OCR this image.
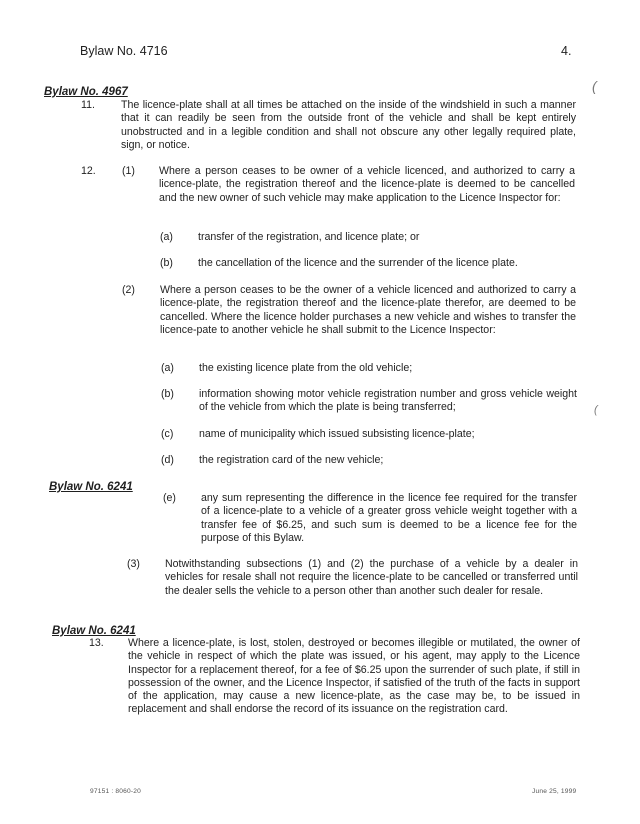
Bylaw No. 4716	4.
(
Bylaw No. 4967
11. The licence-plate shall at all times be attached on the inside of the windshield in such a manner that it can readily be seen from the outside front of the vehicle and shall be kept entirely unobstructed and in a legible condition and shall not obscure any other legally required plate, sign, or notice.
12. (1) Where a person ceases to be owner of a vehicle licenced, and authorized to carry a licence-plate, the registration thereof and the licence-plate is deemed to be cancelled and the new owner of such vehicle may make application to the Licence Inspector for:
(a) transfer of the registration, and licence plate; or
(b) the cancellation of the licence and the surrender of the licence plate.
(2) Where a person ceases to be the owner of a vehicle licenced and authorized to carry a licence-plate, the registration thereof and the licence-plate therefor, are deemed to be cancelled. Where the licence holder purchases a new vehicle and wishes to transfer the licence-pate to another vehicle he shall submit to the Licence Inspector:
(a) the existing licence plate from the old vehicle;
(b) information showing motor vehicle registration number and gross vehicle weight of the vehicle from which the plate is being transferred;	(
(c) name of municipality which issued subsisting licence-plate;
(d) the registration card of the new vehicle;
Bylaw No. 6241
(e) any sum representing the difference in the licence fee required for the transfer of a licence-plate to a vehicle of a greater gross vehicle weight together with a transfer fee of $6.25, and such sum is deemed to be a licence fee for the purpose of this Bylaw.
(3) Notwithstanding subsections (1) and (2) the purchase of a vehicle by a dealer in vehicles for resale shall not require the licence-plate to be cancelled or transferred until the dealer sells the vehicle to a person other than another such dealer for resale.
Bylaw No. 6241
13. Where a licence-plate, is lost, stolen, destroyed or becomes illegible or mutilated, the owner of the vehicle in respect of which the plate was issued, or his agent, may apply to the Licence Inspector for a replacement thereof, for a fee of $6.25 upon the surrender of such plate, if still in possession of the owner, and the Licence Inspector, if satisfied of the truth of the facts in support of the application, may cause a new licence-plate, as the case may be, to be issued in replacement and shall endorse the record of its issuance on the registration card.
97151 : 8060-20	June 25, 1999
